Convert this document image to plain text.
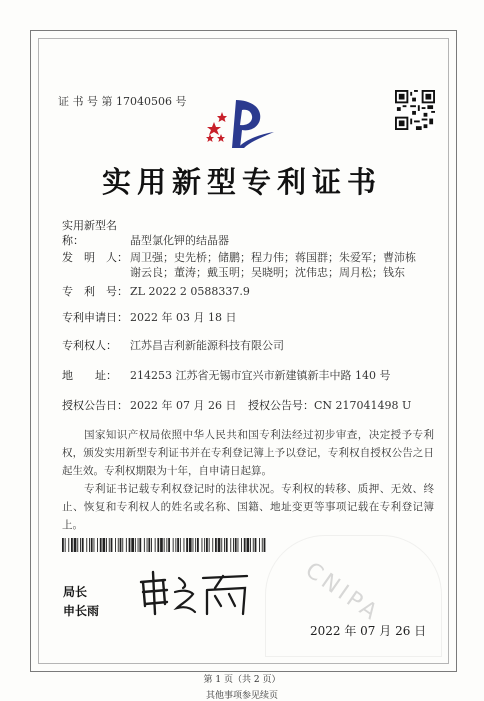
证 书 号 第 17040506 号
实用新型专利证书
实用新型名称：	晶型氯化钾的结晶器
发　明　人： 周卫强；史先桥；储鹏；程力伟；蒋国群；朱爱军；曹沛栋
谢云良；董涛；戴玉明；吴晓明；沈伟忠；周月松；钱东
专　利　号： ZL 2022 2 0588337.9
专利申请日： 2022 年 03 月 18 日
专利权人： 江苏昌吉利新能源科技有限公司
地　　址： 214253 江苏省无锡市宜兴市新建镇新丰中路 140 号
授权公告日： 2022 年 07 月 26 日 授权公告号：CN 217041498 U
国家知识产权局依照中华人民共和国专利法经过初步审查，决定授予专利权，颁发实用新型专利证书并在专利登记簿上予以登记，专利权自授权公告之日起生效。专利权期限为十年，自申请日起算。
专利证书记载专利权登记时的法律状况。专利权的转移、质押、无效、终止、恢复和专利权人的姓名或名称、国籍、地址变更等事项记载在专利登记簿上。
CNIPA
局长
申长雨
2022 年 07 月 26 日
第 1 页（共 2 页）
其他事项参见续页
